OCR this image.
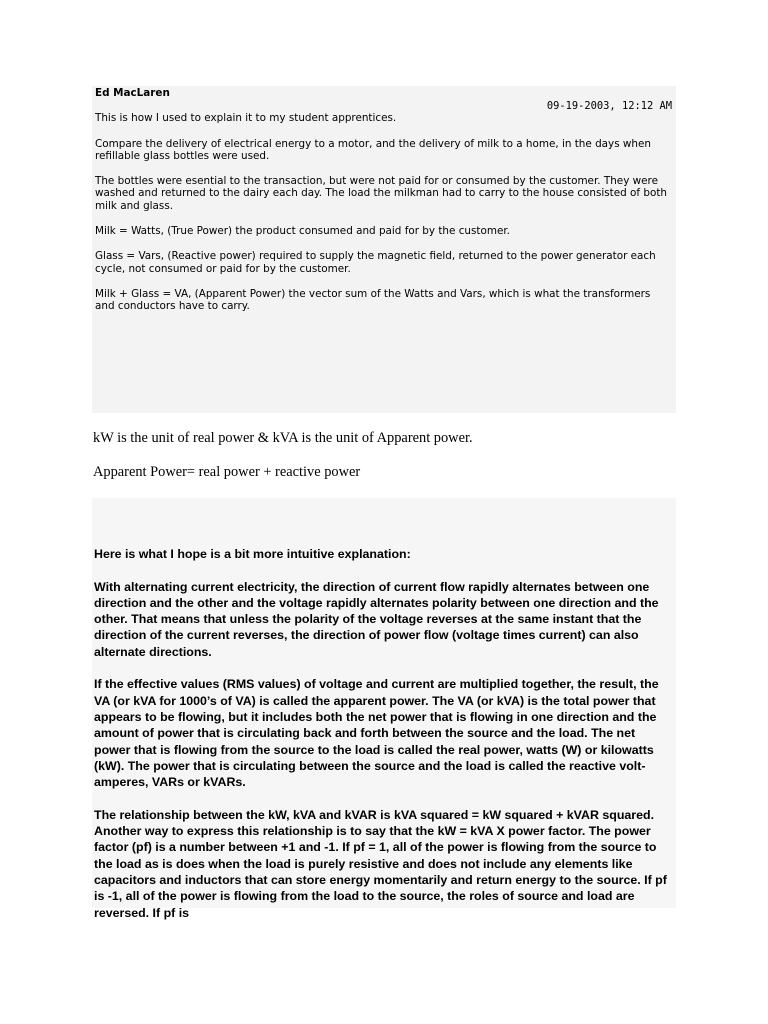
Ed MacLaren
09-19-2003, 12:12 AM

This is how I used to explain it to my student apprentices.

Compare the delivery of electrical energy to a motor, and the delivery of milk to a home, in the days when refillable glass bottles were used.

The bottles were esential to the transaction, but were not paid for or consumed by the customer. They were washed and returned to the dairy each day. The load the milkman had to carry to the house consisted of both milk and glass.

Milk = Watts, (True Power) the product consumed and paid for by the customer.

Glass = Vars, (Reactive power) required to supply the magnetic field, returned to the power generator each cycle, not consumed or paid for by the customer.

Milk + Glass = VA, (Apparent Power) the vector sum of the Watts and Vars, which is what the transformers and conductors have to carry.

kW is the unit of real power & kVA is the unit of Apparent power.
Apparent Power= real power + reactive power

Here is what I hope is a bit more intuitive explanation:

With alternating current electricity, the direction of current flow rapidly alternates between one direction and the other and the voltage rapidly alternates polarity between one direction and the other. That means that unless the polarity of the voltage reverses at the same instant that the direction of the current reverses, the direction of power flow (voltage times current) can also alternate directions.

If the effective values (RMS values) of voltage and current are multiplied together, the result, the VA (or kVA for 1000’s of VA) is called the apparent power. The VA (or kVA) is the total power that appears to be flowing, but it includes both the net power that is flowing in one direction and the amount of power that is circulating back and forth between the source and the load. The net power that is flowing from the source to the load is called the real power, watts (W) or kilowatts (kW). The power that is circulating between the source and the load is called the reactive volt-amperes, VARs or kVARs.

The relationship between the kW, kVA and kVAR is kVA squared = kW squared + kVAR squared. Another way to express this relationship is to say that the kW = kVA X power factor. The power factor (pf) is a number between +1 and -1. If pf = 1, all of the power is flowing from the source to the load as is does when the load is purely resistive and does not include any elements like capacitors and inductors that can store energy momentarily and return energy to the source. If pf is -1, all of the power is flowing from the load to the source, the roles of source and load are reversed. If pf is
